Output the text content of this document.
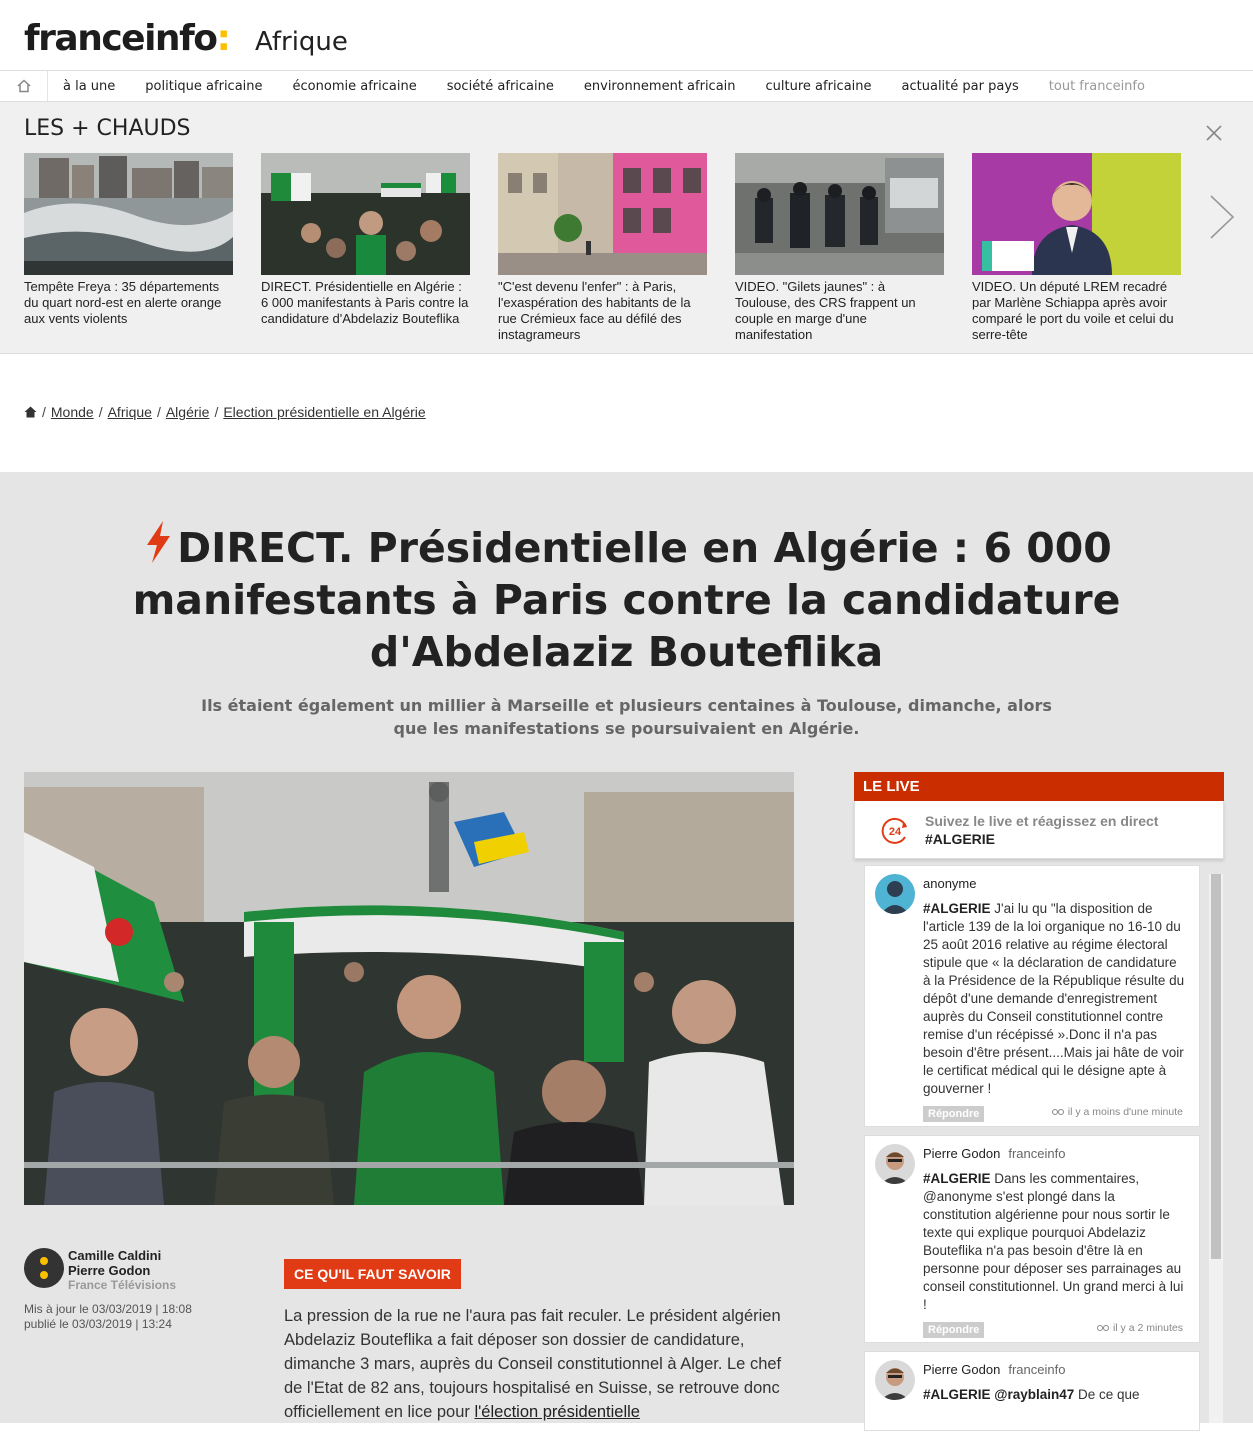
franceinfo: Afrique
à la une	politique africaine	économie africaine	société africaine	environnement africain	culture africaine	actualité par pays	tout franceinfo
LES + CHAUDS
Tempête Freya : 35 départements du quart nord-est en alerte orange aux vents violents
DIRECT. Présidentielle en Algérie : 6 000 manifestants à Paris contre la candidature d'Abdelaziz Bouteflika
"C'est devenu l'enfer" : à Paris, l'exaspération des habitants de la rue Crémieux face au défilé des instagrameurs
VIDEO. "Gilets jaunes" : à Toulouse, des CRS frappent un couple en marge d'une manifestation
VIDEO. Un député LREM recadré par Marlène Schiappa après avoir comparé le port du voile et celui du serre-tête
/ Monde / Afrique / Algérie / Election présidentielle en Algérie
DIRECT. Présidentielle en Algérie : 6 000 manifestants à Paris contre la candidature d'Abdelaziz Bouteflika

Ils étaient également un millier à Marseille et plusieurs centaines à Toulouse, dimanche, alors que les manifestations se poursuivaient en Algérie.

Camille Caldini
Pierre Godon
France Télévisions
Mis à jour le 03/03/2019 | 18:08
publié le 03/03/2019 | 13:24
CE QU'IL FAUT SAVOIR

La pression de la rue ne l'aura pas fait reculer. Le président algérien Abdelaziz Bouteflika a fait déposer son dossier de candidature, dimanche 3 mars, auprès du Conseil constitutionnel à Alger. Le chef de l'Etat de 82 ans, toujours hospitalisé en Suisse, se retrouve donc officiellement en lice pour l'élection présidentielle

LE LIVE
24
Suivez le live et réagissez en direct
#ALGERIE
anonyme
#ALGERIE J'ai lu qu "la disposition de l'article 139 de la loi organique no 16-10 du 25 août 2016 relative au régime électoral stipule que « la déclaration de candidature à la Présidence de la République résulte du dépôt d'une demande d'enregistrement auprès du Conseil constitutionnel contre remise d'un récépissé ».Donc il n'a pas besoin d'être présent....Mais jai hâte de voir le certificat médical qui le désigne apte à gouverner !
Répondre	il y a moins d'une minute
Pierre Godon franceinfo
#ALGERIE Dans les commentaires, @anonyme s'est plongé dans la constitution algérienne pour nous sortir le texte qui explique pourquoi Abdelaziz Bouteflika n'a pas besoin d'être là en personne pour déposer ses parrainages au conseil constitutionnel. Un grand merci à lui !
Répondre	il y a 2 minutes
Pierre Godon franceinfo
#ALGERIE @rayblain47 De ce que
